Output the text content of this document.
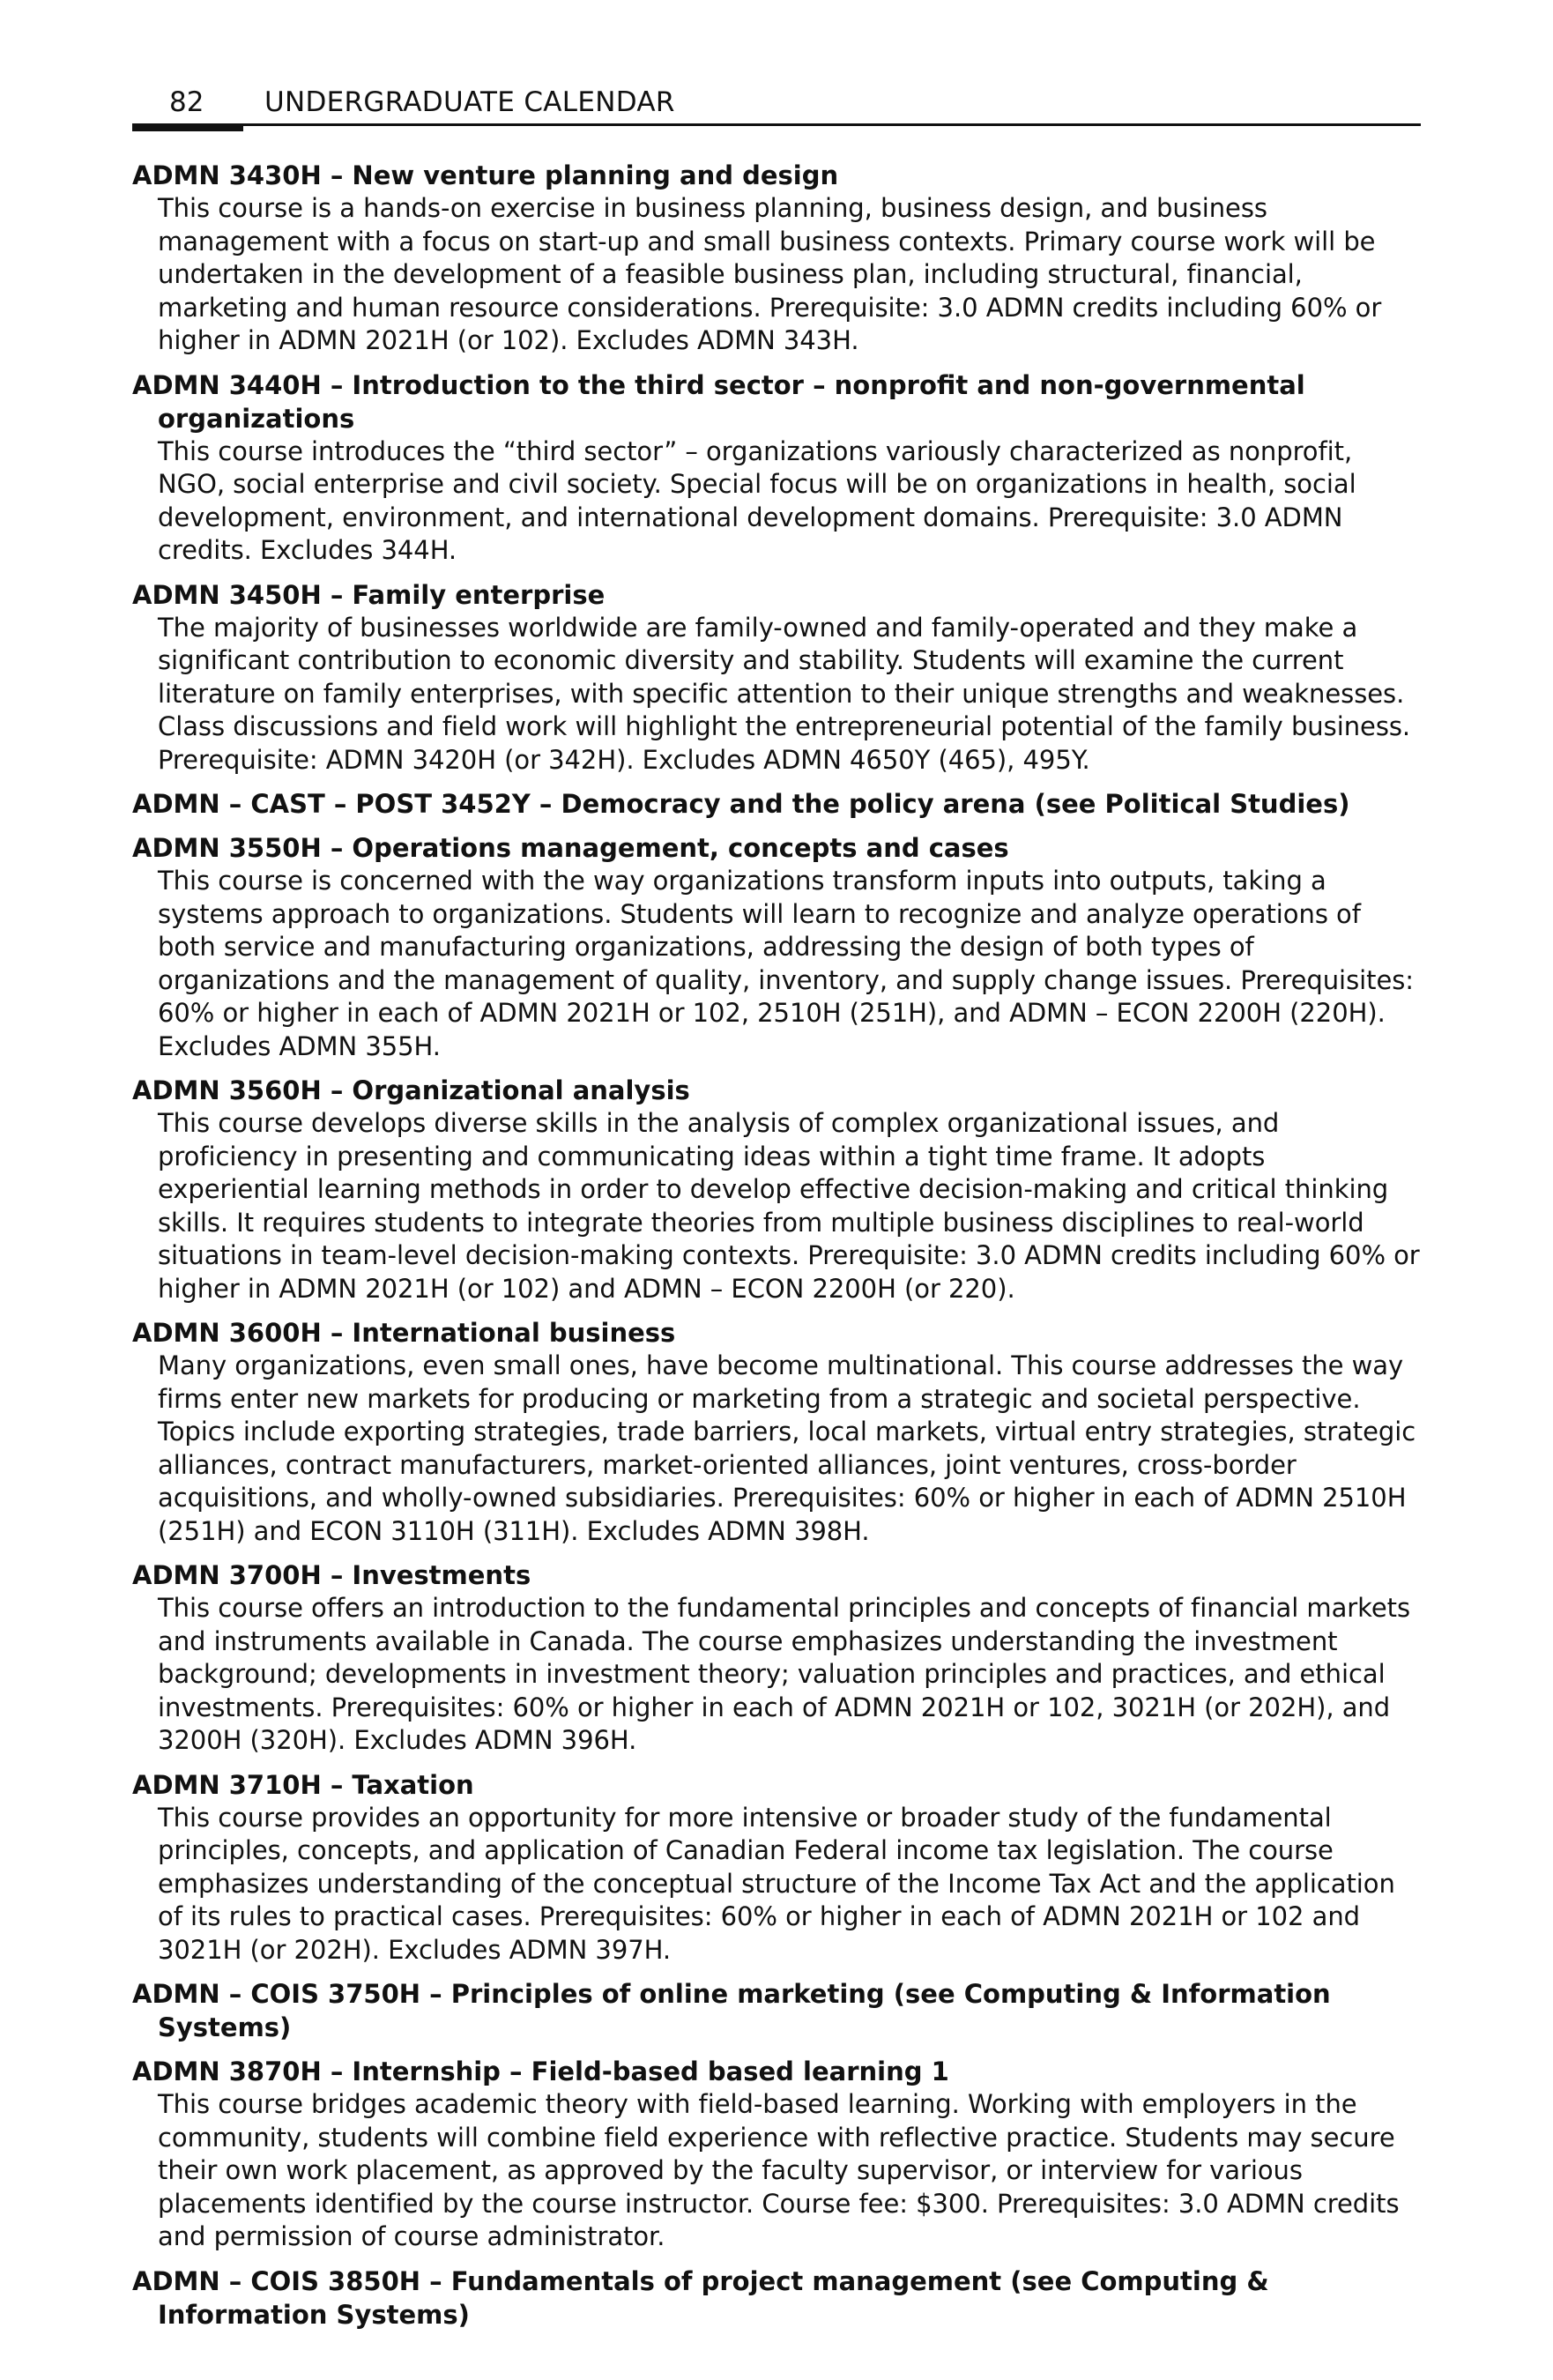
82 UNDERGRADUATE CALENDAR

ADMN 3430H – New venture planning and design

This course is a hands-on exercise in business planning, business design, and business management with a focus on start-up and small business contexts. Primary course work will be undertaken in the development of a feasible business plan, including structural, financial, marketing and human resource considerations. Prerequisite: 3.0 ADMN credits including 60% or higher in ADMN 2021H (or 102). Excludes ADMN 343H.

ADMN 3440H – Introduction to the third sector – nonprofit and non-governmental organizations

This course introduces the “third sector” – organizations variously characterized as nonprofit, NGO, social enterprise and civil society. Special focus will be on organizations in health, social development, environment, and international development domains. Prerequisite: 3.0 ADMN credits. Excludes 344H.

ADMN 3450H – Family enterprise

The majority of businesses worldwide are family-owned and family-operated and they make a significant contribution to economic diversity and stability. Students will examine the current literature on family enterprises, with specific attention to their unique strengths and weaknesses. Class discussions and field work will highlight the entrepreneurial potential of the family business. Prerequisite: ADMN 3420H (or 342H). Excludes ADMN 4650Y (465), 495Y.

ADMN – CAST – POST 3452Y – Democracy and the policy arena (see Political Studies)

ADMN 3550H – Operations management, concepts and cases

This course is concerned with the way organizations transform inputs into outputs, taking a systems approach to organizations. Students will learn to recognize and analyze operations of both service and manufacturing organizations, addressing the design of both types of organizations and the management of quality, inventory, and supply change issues. Prerequisites: 60% or higher in each of ADMN 2021H or 102, 2510H (251H), and ADMN – ECON 2200H (220H). Excludes ADMN 355H.

ADMN 3560H – Organizational analysis

This course develops diverse skills in the analysis of complex organizational issues, and proficiency in presenting and communicating ideas within a tight time frame. It adopts experiential learning methods in order to develop effective decision-making and critical thinking skills. It requires students to integrate theories from multiple business disciplines to real-world situations in team-level decision-making contexts. Prerequisite: 3.0 ADMN credits including 60% or higher in ADMN 2021H (or 102) and ADMN – ECON 2200H (or 220).

ADMN 3600H – International business

Many organizations, even small ones, have become multinational. This course addresses the way firms enter new markets for producing or marketing from a strategic and societal perspective. Topics include exporting strategies, trade barriers, local markets, virtual entry strategies, strategic alliances, contract manufacturers, market-oriented alliances, joint ventures, cross-border acquisitions, and wholly-owned subsidiaries. Prerequisites: 60% or higher in each of ADMN 2510H (251H) and ECON 3110H (311H). Excludes ADMN 398H.

ADMN 3700H – Investments

This course offers an introduction to the fundamental principles and concepts of financial markets and instruments available in Canada. The course emphasizes understanding the investment background; developments in investment theory; valuation principles and practices, and ethical investments. Prerequisites: 60% or higher in each of ADMN 2021H or 102, 3021H (or 202H), and 3200H (320H). Excludes ADMN 396H.

ADMN 3710H – Taxation

This course provides an opportunity for more intensive or broader study of the fundamental principles, concepts, and application of Canadian Federal income tax legislation. The course emphasizes understanding of the conceptual structure of the Income Tax Act and the application of its rules to practical cases. Prerequisites: 60% or higher in each of ADMN 2021H or 102 and 3021H (or 202H). Excludes ADMN 397H.

ADMN – COIS 3750H – Principles of online marketing (see Computing & Information Systems)

ADMN 3870H – Internship – Field-based based learning 1

This course bridges academic theory with field-based learning. Working with employers in the community, students will combine field experience with reflective practice. Students may secure their own work placement, as approved by the faculty supervisor, or interview for various placements identified by the course instructor. Course fee: $300. Prerequisites: 3.0 ADMN credits and permission of course administrator.

ADMN – COIS 3850H – Fundamentals of project management (see Computing & Information Systems)
